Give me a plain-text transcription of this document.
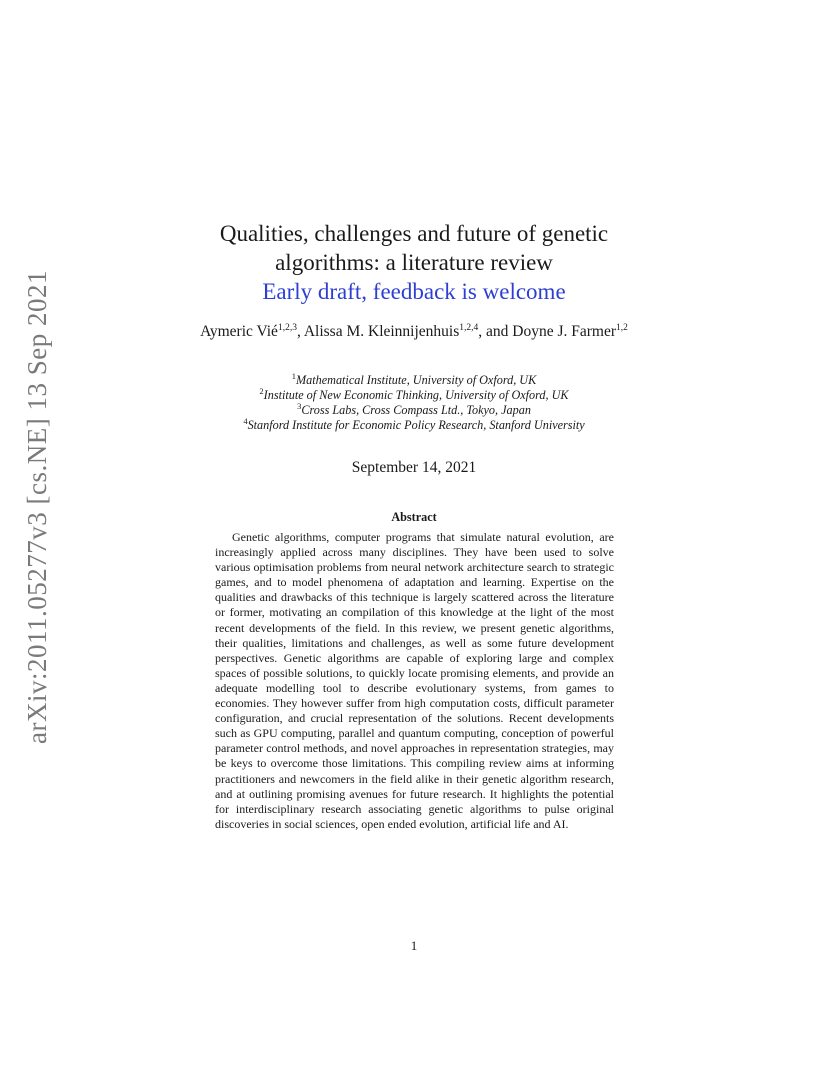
arXiv:2011.05277v3 [cs.NE] 13 Sep 2021
Qualities, challenges and future of genetic
algorithms: a literature review
Early draft, feedback is welcome
Aymeric Vié$^{1,2,3}$, Alissa M. Kleinnijenhuis$^{1,2,4}$, and Doyne J. Farmer$^{1,2}$
$^1$Mathematical Institute, University of Oxford, UK
$^2$Institute of New Economic Thinking, University of Oxford, UK
$^3$Cross Labs, Cross Compass Ltd., Tokyo, Japan
$^4$Stanford Institute for Economic Policy Research, Stanford University
September 14, 2021
Abstract

Genetic algorithms, computer programs that simulate natural evolution, are increasingly applied across many disciplines. They have been used to solve various optimisation problems from neural network architecture search to strategic games, and to model phenomena of adaptation and learning. Expertise on the qualities and drawbacks of this technique is largely scattered across the literature or former, motivating an compilation of this knowledge at the light of the most recent developments of the field. In this review, we present genetic algorithms, their qualities, limitations and challenges, as well as some future development perspectives. Genetic algorithms are capable of exploring large and complex spaces of possible solutions, to quickly locate promising elements, and provide an adequate modelling tool to describe evolutionary systems, from games to economies. They however suffer from high computation costs, difficult parameter configuration, and crucial representation of the solutions. Recent developments such as GPU computing, parallel and quantum computing, conception of powerful parameter control methods, and novel approaches in representation strategies, may be keys to overcome those limitations. This compiling review aims at informing practitioners and newcomers in the field alike in their genetic algorithm research, and at outlining promising avenues for future research. It highlights the potential for interdisciplinary research associating genetic algorithms to pulse original discoveries in social sciences, open ended evolution, artificial life and AI.

1
